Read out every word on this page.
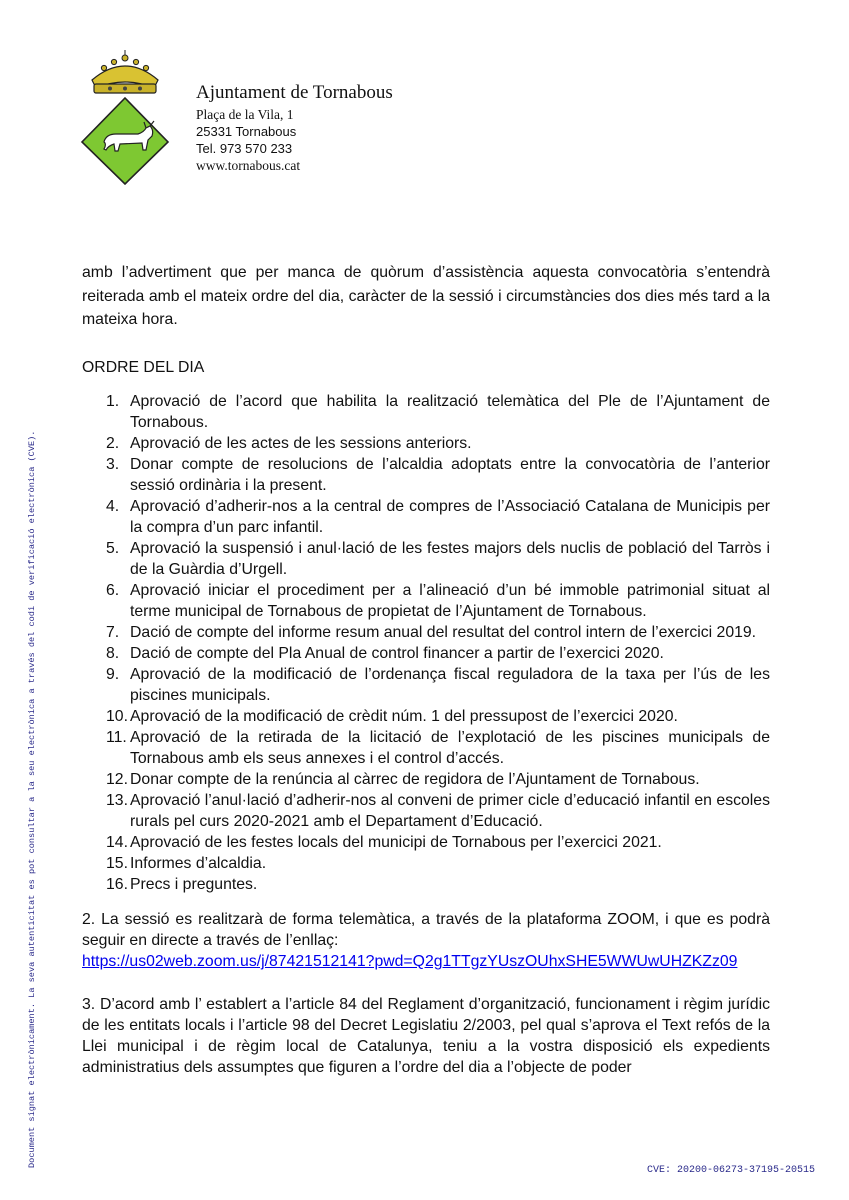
Ajuntament de Tornabous
Plaça de la Vila, 1
25331 Tornabous
Tel. 973 570 233
www.tornabous.cat

amb l’advertiment que per manca de quòrum d’assistència aquesta convocatòria s’entendrà reiterada amb el mateix ordre del dia, caràcter de la sessió i circumstàncies dos dies més tard a la mateixa hora.

ORDRE DEL DIA

1. Aprovació de l’acord que habilita la realització telemàtica del Ple de l’Ajuntament de Tornabous.
2. Aprovació de les actes de les sessions anteriors.
3. Donar compte de resolucions de l’alcaldia adoptats entre la convocatòria de l’anterior sessió ordinària i la present.
4. Aprovació d’adherir-nos a la central de compres de l’Associació Catalana de Municipis per la compra d’un parc infantil.
5. Aprovació la suspensió i anul·lació de les festes majors dels nuclis de població del Tarròs i de la Guàrdia d’Urgell.
6. Aprovació iniciar el procediment per a l’alineació d’un bé immoble patrimonial situat al terme municipal de Tornabous de propietat de l’Ajuntament de Tornabous.
7. Dació de compte del informe resum anual del resultat del control intern de l’exercici 2019.
8. Dació de compte del Pla Anual de control financer a partir de l’exercici 2020.
9. Aprovació de la modificació de l’ordenança fiscal reguladora de la taxa per l’ús de les piscines municipals.
10. Aprovació de la modificació de crèdit núm. 1 del pressupost de l’exercici 2020.
11. Aprovació de la retirada de la licitació de l’explotació de les piscines municipals de Tornabous amb els seus annexes i el control d’accés.
12. Donar compte de la renúncia al càrrec de regidora de l’Ajuntament de Tornabous.
13. Aprovació l’anul·lació d’adherir-nos al conveni de primer cicle d’educació infantil en escoles rurals pel curs 2020-2021 amb el Departament d’Educació.
14. Aprovació de les festes locals del municipi de Tornabous per l’exercici 2021.
15. Informes d’alcaldia.
16. Precs i preguntes.

2. La sessió es realitzarà de forma telemàtica, a través de la plataforma ZOOM, i que es podrà seguir en directe a través de l’enllaç:
https://us02web.zoom.us/j/87421512141?pwd=Q2g1TTgzYUszOUhxSHE5WWUwUHZKZz09

3. D’acord amb l’ establert a l’article 84 del Reglament d’organització, funcionament i règim jurídic de les entitats locals i l’article 98 del Decret Legislatiu 2/2003, pel qual s’aprova el Text refós de la Llei municipal i de règim local de Catalunya, teniu a la vostra disposició els expedients administratius dels assumptes que figuren a l’ordre del dia a l’objecte de poder

Document signat electrònicament. La seva autenticitat es pot consultar a la seu electrònica a través del codi de verificació electrònica (CVE).
CVE: 20200-06273-37195-20515
